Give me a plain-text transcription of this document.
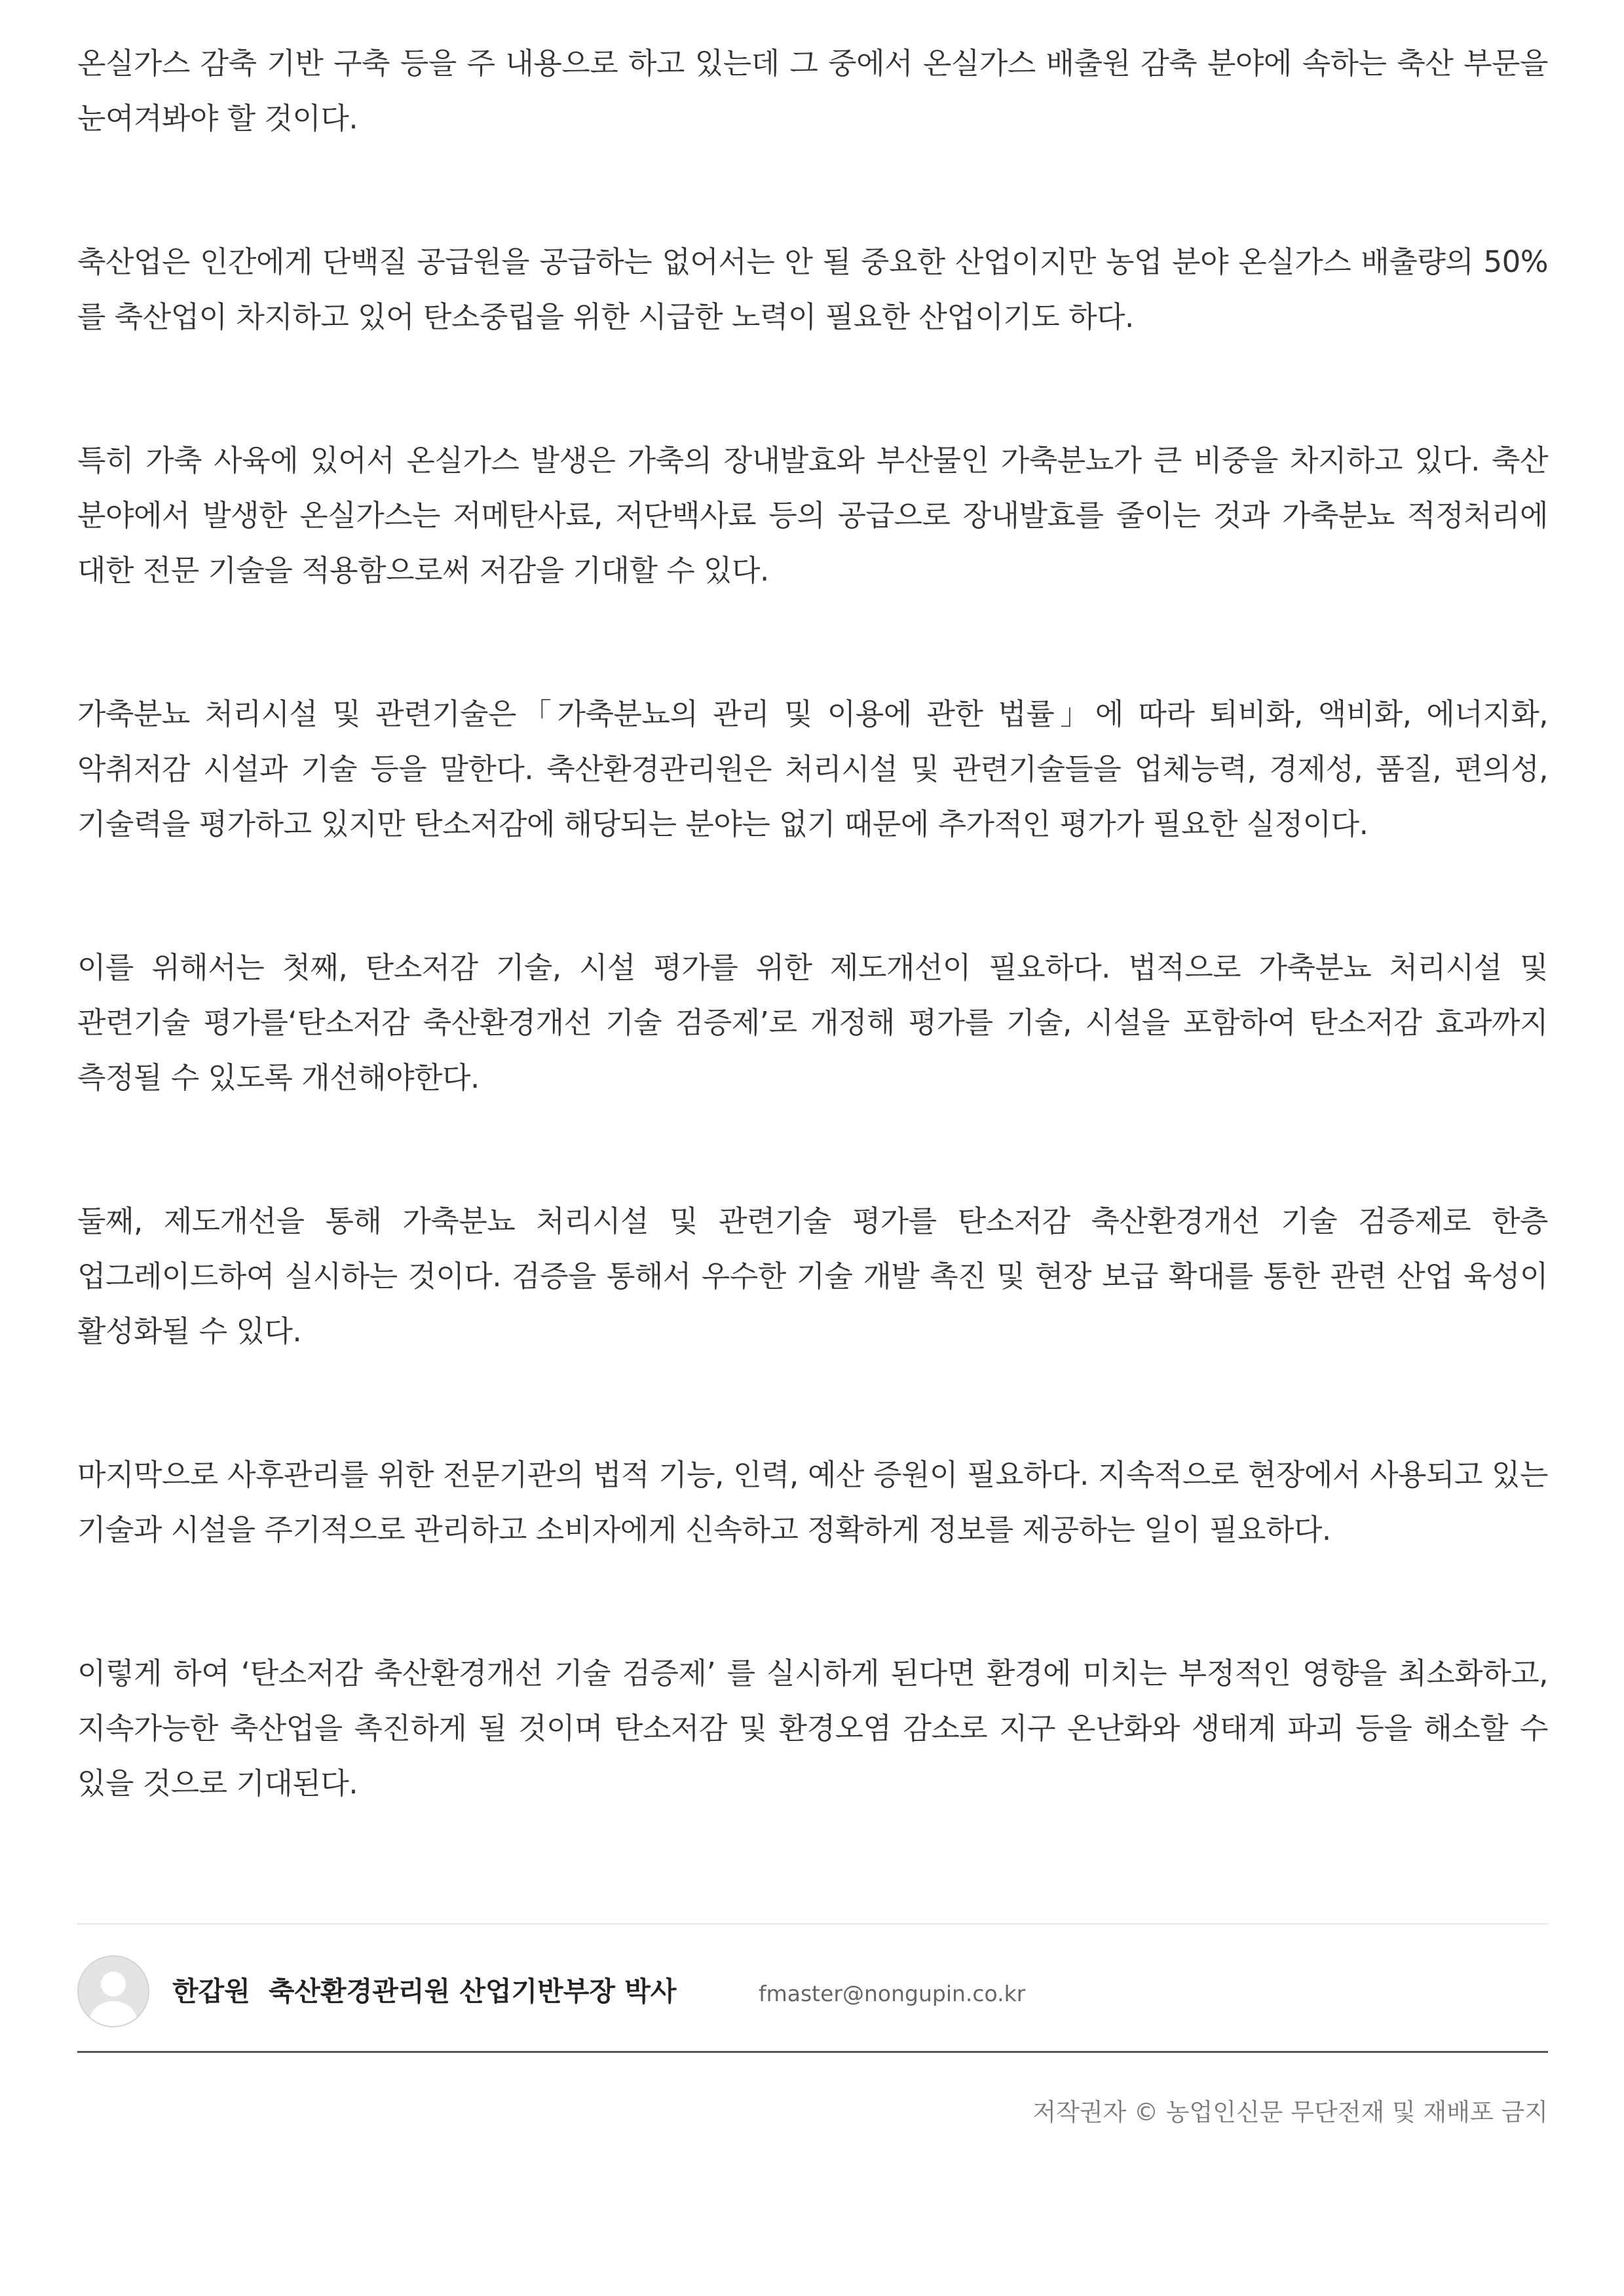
온실가스 감축 기반 구축 등을 주 내용으로 하고 있는데 그 중에서 온실가스 배출원 감축 분야에 속하는 축산 부문을 눈여겨봐야 할 것이다.

축산업은 인간에게 단백질 공급원을 공급하는 없어서는 안 될 중요한 산업이지만 농업 분야 온실가스 배출량의 50%를 축산업이 차지하고 있어 탄소중립을 위한 시급한 노력이 필요한 산업이기도 하다.

특히 가축 사육에 있어서 온실가스 발생은 가축의 장내발효와 부산물인 가축분뇨가 큰 비중을 차지하고 있다. 축산 분야에서 발생한 온실가스는 저메탄사료, 저단백사료 등의 공급으로 장내발효를 줄이는 것과 가축분뇨 적정처리에 대한 전문 기술을 적용함으로써 저감을 기대할 수 있다.

가축분뇨 처리시설 및 관련기술은「가축분뇨의 관리 및 이용에 관한 법률」에 따라 퇴비화, 액비화, 에너지화, 악취저감 시설과 기술 등을 말한다. 축산환경관리원은 처리시설 및 관련기술들을 업체능력, 경제성, 품질, 편의성, 기술력을 평가하고 있지만 탄소저감에 해당되는 분야는 없기 때문에 추가적인 평가가 필요한 실정이다.

이를 위해서는 첫째, 탄소저감 기술, 시설 평가를 위한 제도개선이 필요하다. 법적으로 가축분뇨 처리시설 및 관련기술 평가를‘탄소저감 축산환경개선 기술 검증제’로 개정해 평가를 기술, 시설을 포함하여 탄소저감 효과까지 측정될 수 있도록 개선해야한다.

둘째, 제도개선을 통해 가축분뇨 처리시설 및 관련기술 평가를 탄소저감 축산환경개선 기술 검증제로 한층 업그레이드하여 실시하는 것이다. 검증을 통해서 우수한 기술 개발 촉진 및 현장 보급 확대를 통한 관련 산업 육성이 활성화될 수 있다.

마지막으로 사후관리를 위한 전문기관의 법적 기능, 인력, 예산 증원이 필요하다. 지속적으로 현장에서 사용되고 있는 기술과 시설을 주기적으로 관리하고 소비자에게 신속하고 정확하게 정보를 제공하는 일이 필요하다.

이렇게 하여 ‘탄소저감 축산환경개선 기술 검증제’ 를 실시하게 된다면 환경에 미치는 부정적인 영향을 최소화하고, 지속가능한 축산업을 촉진하게 될 것이며 탄소저감 및 환경오염 감소로 지구 온난화와 생태계 파괴 등을 해소할 수 있을 것으로 기대된다.

한갑원 축산환경관리원 산업기반부장 박사	fmaster@nongupin.co.kr
저작권자 © 농업인신문 무단전재 및 재배포 금지
